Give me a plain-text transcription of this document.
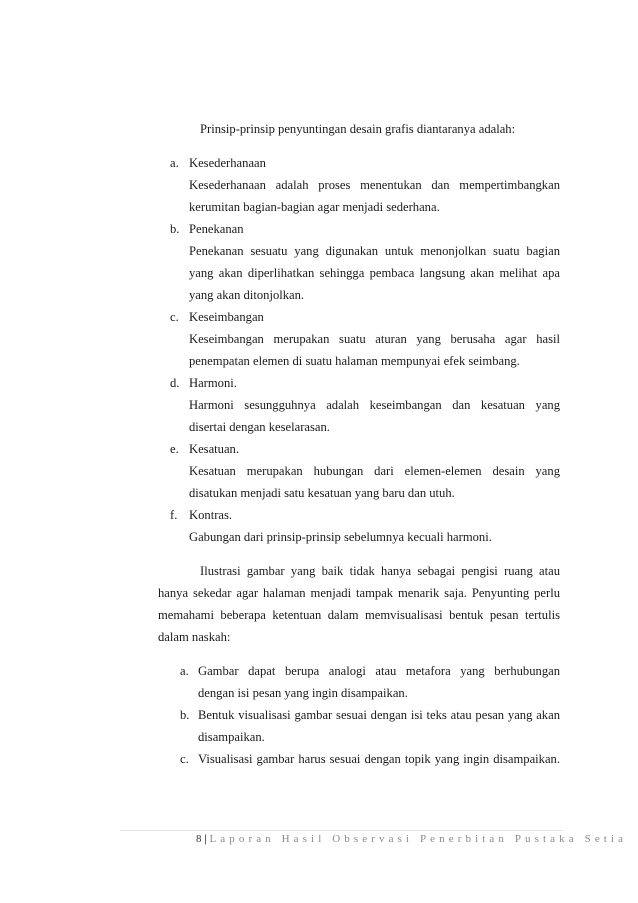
Prinsip-prinsip penyuntingan desain grafis diantaranya adalah:
a. Kesederhanaan
Kesederhanaan adalah proses menentukan dan mempertimbangkan
kerumitan bagian-bagian agar menjadi sederhana.
b. Penekanan
Penekanan sesuatu yang digunakan untuk menonjolkan suatu bagian
yang akan diperlihatkan sehingga pembaca langsung akan melihat apa
yang akan ditonjolkan.
c. Keseimbangan
Keseimbangan merupakan suatu aturan yang berusaha agar hasil
penempatan elemen di suatu halaman mempunyai efek seimbang.
d. Harmoni.
Harmoni sesungguhnya adalah keseimbangan dan kesatuan yang
disertai dengan keselarasan.
e. Kesatuan.
Kesatuan merupakan hubungan dari elemen-elemen desain yang
disatukan menjadi satu kesatuan yang baru dan utuh.
f. Kontras.
Gabungan dari prinsip-prinsip sebelumnya kecuali harmoni.
Ilustrasi gambar yang baik tidak hanya sebagai pengisi ruang atau
hanya sekedar agar halaman menjadi tampak menarik saja. Penyunting perlu
memahami beberapa ketentuan dalam memvisualisasi bentuk pesan tertulis
dalam naskah:
a. Gambar dapat berupa analogi atau metafora yang berhubungan
dengan isi pesan yang ingin disampaikan.
b. Bentuk visualisasi gambar sesuai dengan isi teks atau pesan yang akan
disampaikan.
c. Visualisasi gambar harus sesuai dengan topik yang ingin disampaikan.
8 | Laporan Hasil Observasi Penerbitan Pustaka Setia
